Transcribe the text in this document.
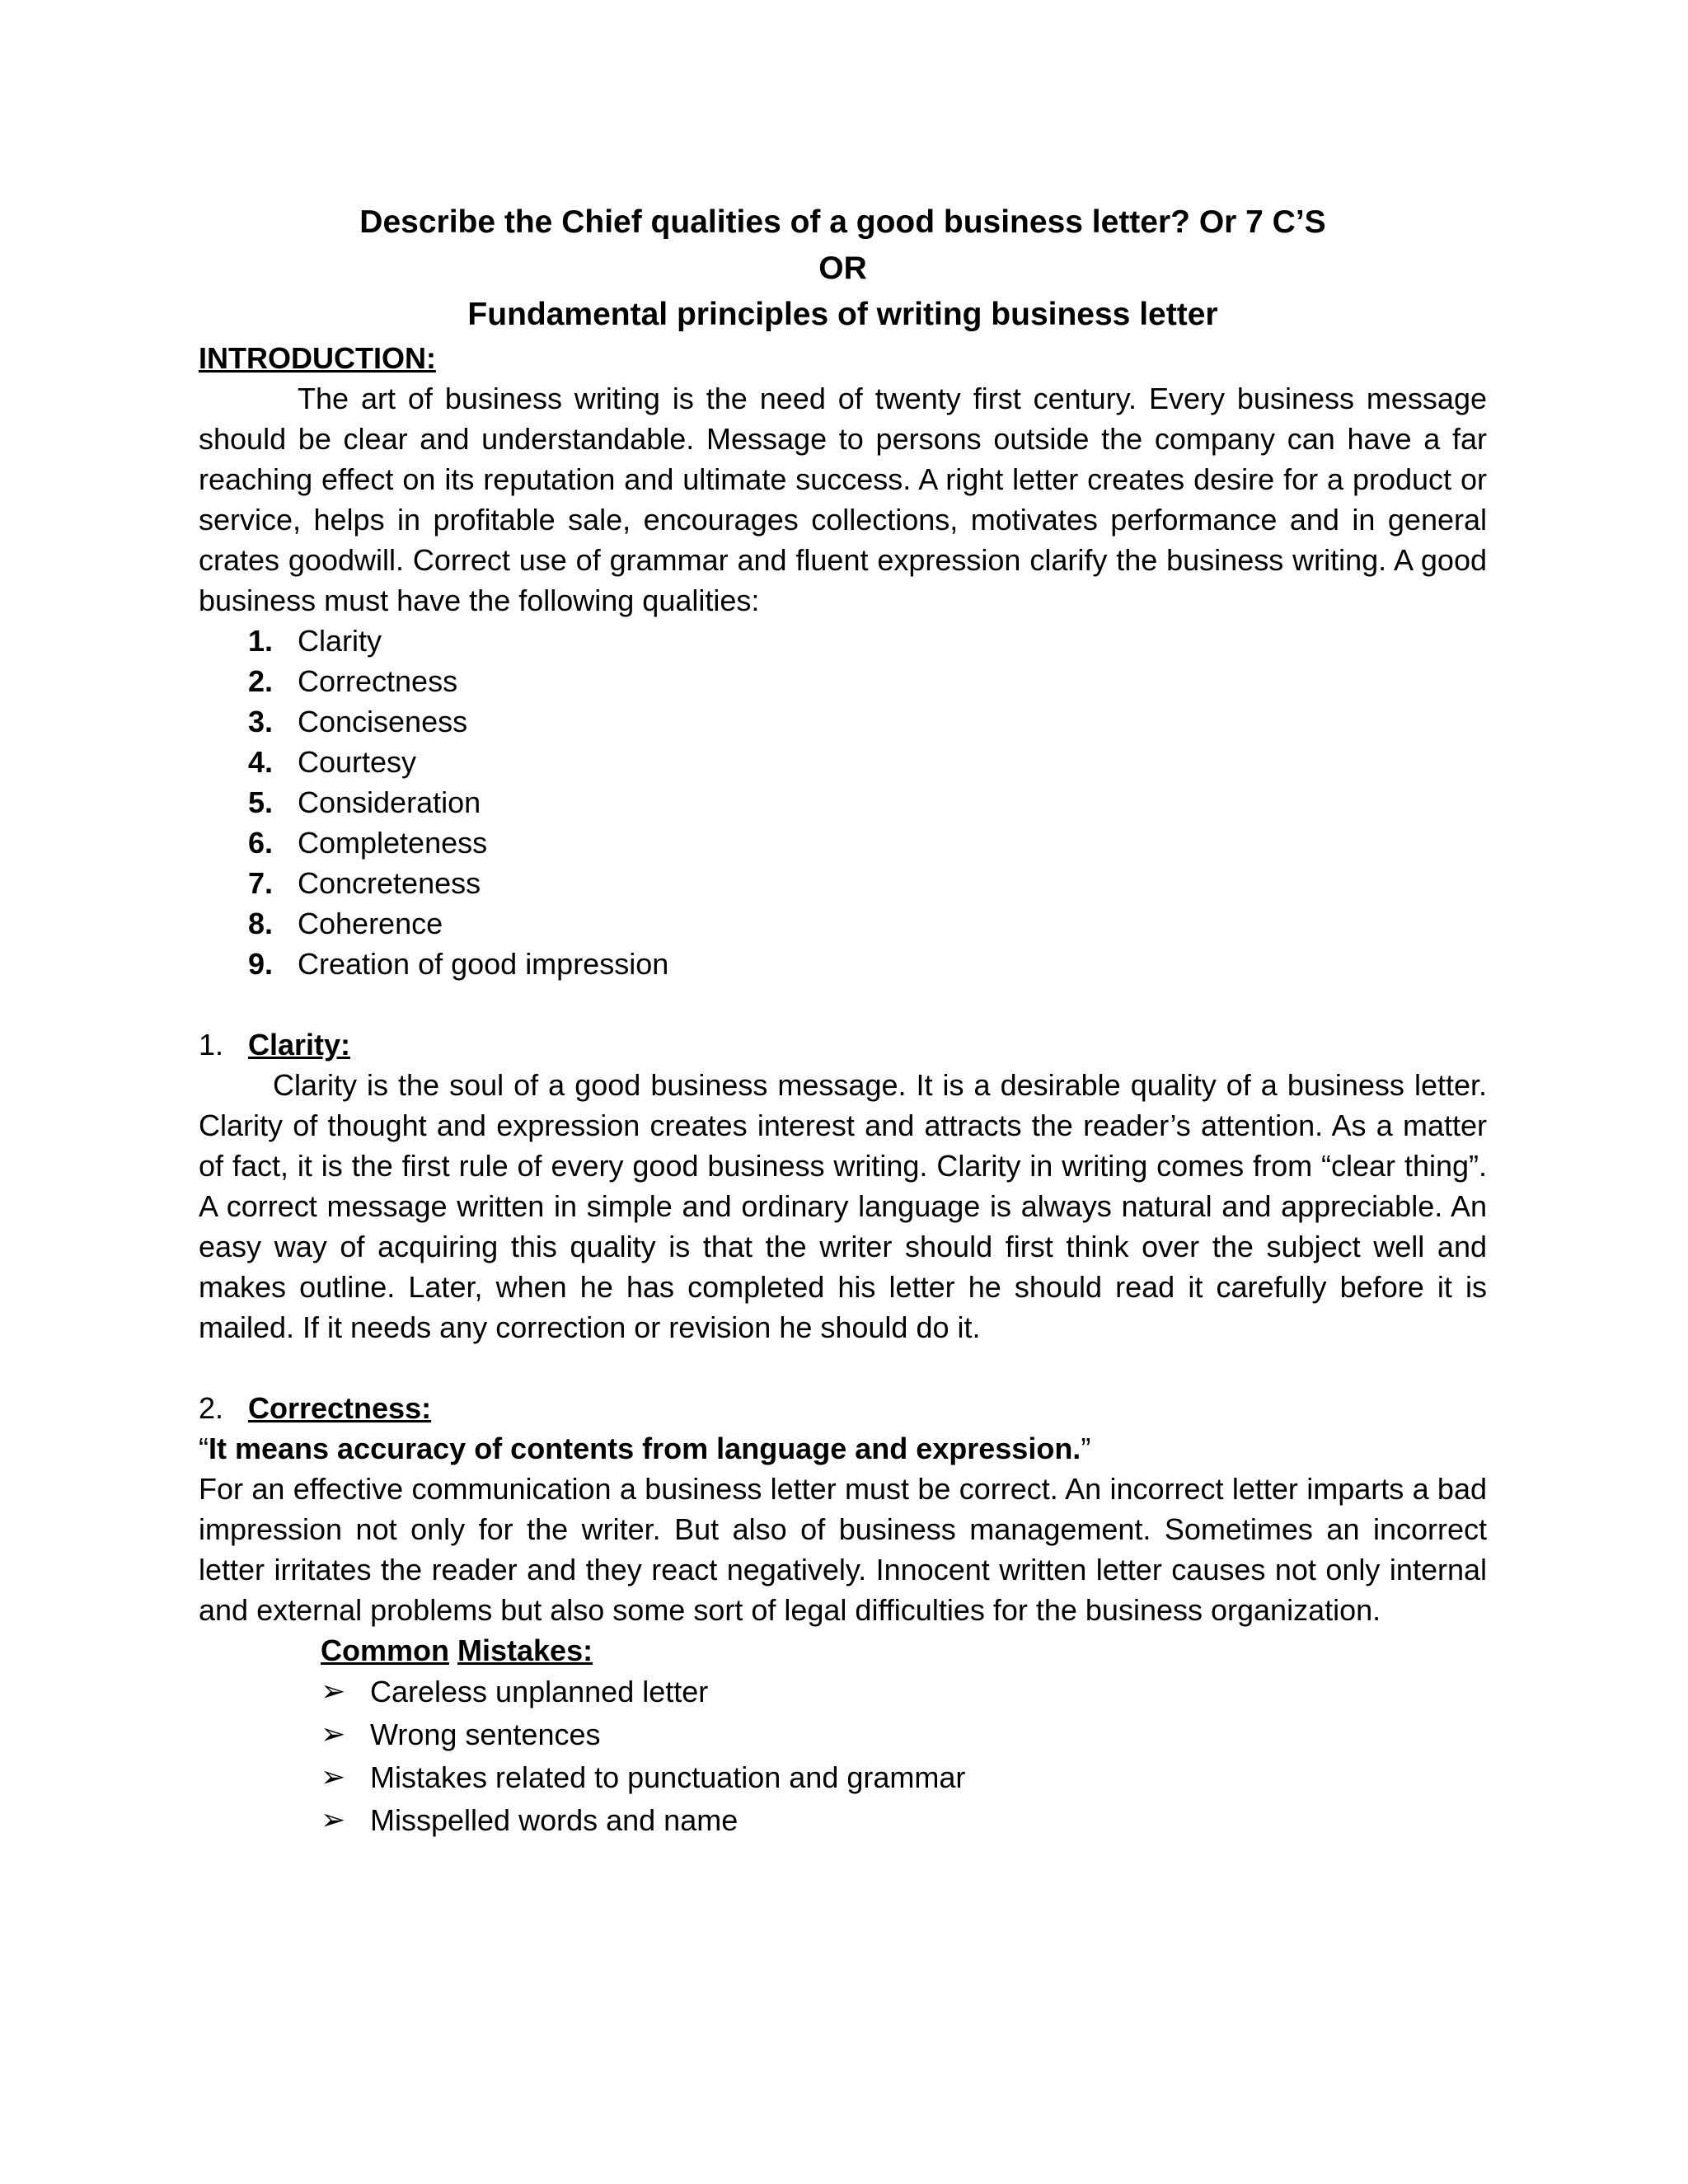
Describe the Chief qualities of a good business letter? Or 7 C’S
OR
Fundamental principles of writing business letter
INTRODUCTION:

The art of business writing is the need of twenty first century. Every business message should be clear and understandable. Message to persons outside the company can have a far reaching effect on its reputation and ultimate success. A right letter creates desire for a product or service, helps in profitable sale, encourages collections, motivates performance and in general crates goodwill. Correct use of grammar and fluent expression clarify the business writing. A good business must have the following qualities:

1. Clarity
2. Correctness
3. Conciseness
4. Courtesy
5. Consideration
6. Completeness
7. Concreteness
8. Coherence
9. Creation of good impression
1. Clarity:

Clarity is the soul of a good business message. It is a desirable quality of a business letter. Clarity of thought and expression creates interest and attracts the reader’s attention. As a matter of fact, it is the first rule of every good business writing. Clarity in writing comes from “clear thing”. A correct message written in simple and ordinary language is always natural and appreciable. An easy way of acquiring this quality is that the writer should first think over the subject well and makes outline. Later, when he has completed his letter he should read it carefully before it is mailed. If it needs any correction or revision he should do it.

2. Correctness:
“It means accuracy of contents from language and expression.”

For an effective communication a business letter must be correct. An incorrect letter imparts a bad impression not only for the writer. But also of business management. Sometimes an incorrect letter irritates the reader and they react negatively. Innocent written letter causes not only internal and external problems but also some sort of legal difficulties for the business organization.

Common Mistakes:
➢ Careless unplanned letter
➢ Wrong sentences
➢ Mistakes related to punctuation and grammar
➢ Misspelled words and name
